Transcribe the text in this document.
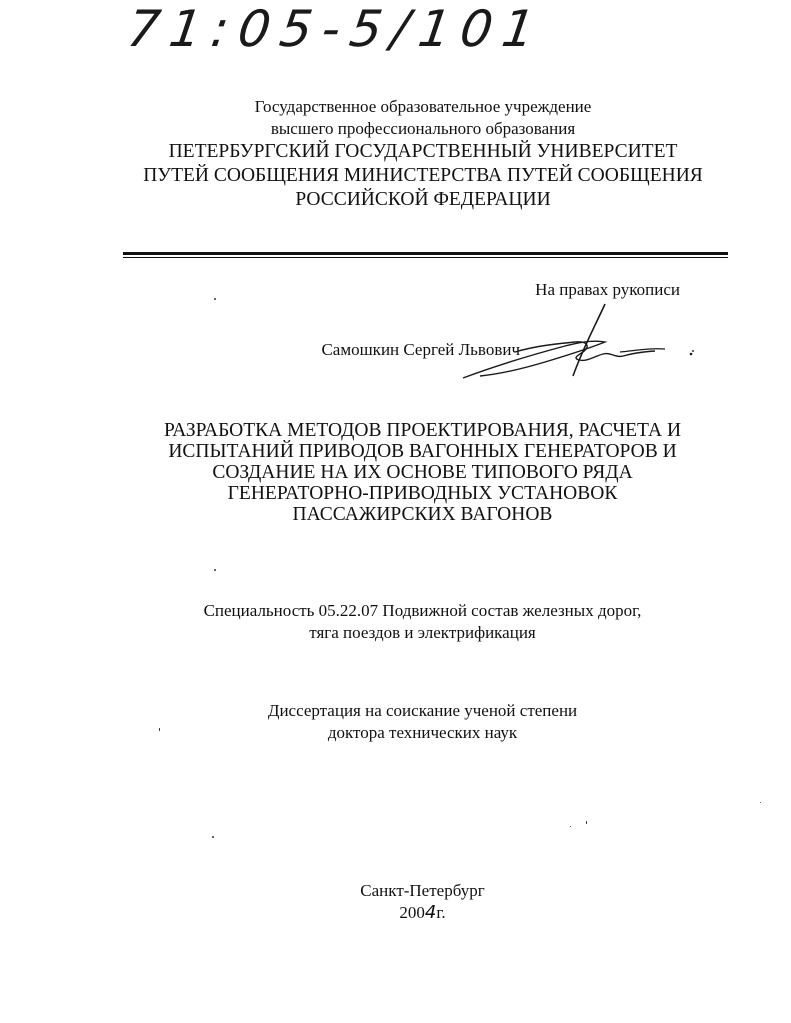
71:05-5/101
Государственное образовательное учреждение
высшего профессионального образования
ПЕТЕРБУРГСКИЙ ГОСУДАРСТВЕННЫЙ УНИВЕРСИТЕТ
ПУТЕЙ СООБЩЕНИЯ МИНИСТЕРСТВА ПУТЕЙ СООБЩЕНИЯ
РОССИЙСКОЙ ФЕДЕРАЦИИ
На правах рукописи
Самошкин Сергей Львович
РАЗРАБОТКА МЕТОДОВ ПРОЕКТИРОВАНИЯ, РАСЧЕТА И
ИСПЫТАНИЙ ПРИВОДОВ ВАГОННЫХ ГЕНЕРАТОРОВ И
СОЗДАНИЕ НА ИХ ОСНОВЕ ТИПОВОГО РЯДА
ГЕНЕРАТОРНО-ПРИВОДНЫХ УСТАНОВОК
ПАССАЖИРСКИХ ВАГОНОВ
Специальность 05.22.07 Подвижной состав железных дорог,
тяга поездов и электрификация
Диссертация на соискание ученой степени
доктора технических наук
Санкт-Петербург
2004г.
